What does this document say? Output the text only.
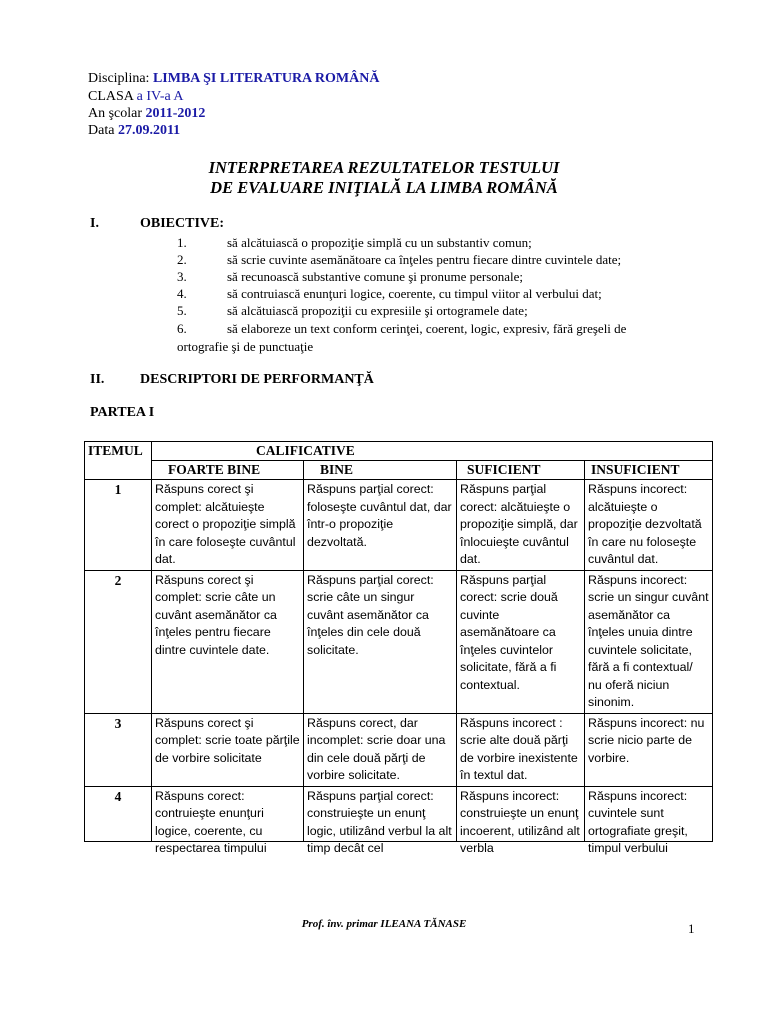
Disciplina: LIMBA ŞI LITERATURA ROMÂNĂ
CLASA a IV-a A
An şcolar 2011-2012
Data 27.09.2011
INTERPRETAREA REZULTATELOR TESTULUI
DE EVALUARE INIŢIALĂ LA LIMBA ROMÂNĂ
I.	OBIECTIVE:
1.	să alcătuiască o propoziţie simplă cu un substantiv comun;
2.	să scrie cuvinte asemănătoare ca înţeles pentru fiecare dintre cuvintele date;
3.	să recunoască substantive comune şi pronume personale;
4.	să contruiască enunţuri logice, coerente, cu timpul viitor al verbului dat;
5.	să alcătuiască propoziţii cu expresiile şi ortogramele date;
6.	să elaboreze un text conform cerinţei, coerent, logic, expresiv, fără greşeli de
ortografie şi de punctuaţie
II.	DESCRIPTORI DE PERFORMANŢĂ
PARTEA I
ITEMUL	CALIFICATIVE			
	FOARTE BINE	BINE	SUFICIENT	INSUFICIENT
1	Răspuns corect şi complet: alcătuieşte corect o propoziţie simplă în care foloseşte cuvântul dat.	Răspuns parţial corect: foloseşte cuvântul dat, dar într-o propoziţie dezvoltată.	Răspuns parţial corect: alcătuieşte o propoziţie simplă, dar înlocuieşte cuvântul dat.	Răspuns incorect: alcătuieşte o propoziţie dezvoltată în care nu foloseşte cuvântul dat.
2	Răspuns corect şi complet: scrie câte un cuvânt asemănător ca înţeles pentru fiecare dintre cuvintele date.	Răspuns parţial corect: scrie câte un singur cuvânt asemănător ca înţeles din cele două solicitate.	Răspuns parţial corect: scrie două cuvinte asemănătoare ca înţeles cuvintelor solicitate, fără a fi contextual.	Răspuns incorect: scrie un singur cuvânt asemănător ca înţeles unuia dintre cuvintele solicitate, fără a fi contextual/ nu oferă niciun sinonim.
3	Răspuns corect şi complet: scrie toate părţile de vorbire solicitate	Răspuns corect, dar incomplet: scrie doar una din cele două părţi de vorbire solicitate.	Răspuns incorect : scrie alte două părţi de vorbire inexistente în textul dat.	Răspuns incorect: nu scrie nicio parte de vorbire.
4	Răspuns corect: contruieşte enunţuri logice, coerente, cu respectarea timpului	Răspuns parţial corect: construieşte un enunţ logic, utilizând verbul la alt timp decât cel	Răspuns incorect: construieşte un enunţ incoerent, utilizând alt verbla	Răspuns incorect: cuvintele sunt ortografiate greşit, timpul verbului
Prof. înv. primar ILEANA TĂNASE	1
